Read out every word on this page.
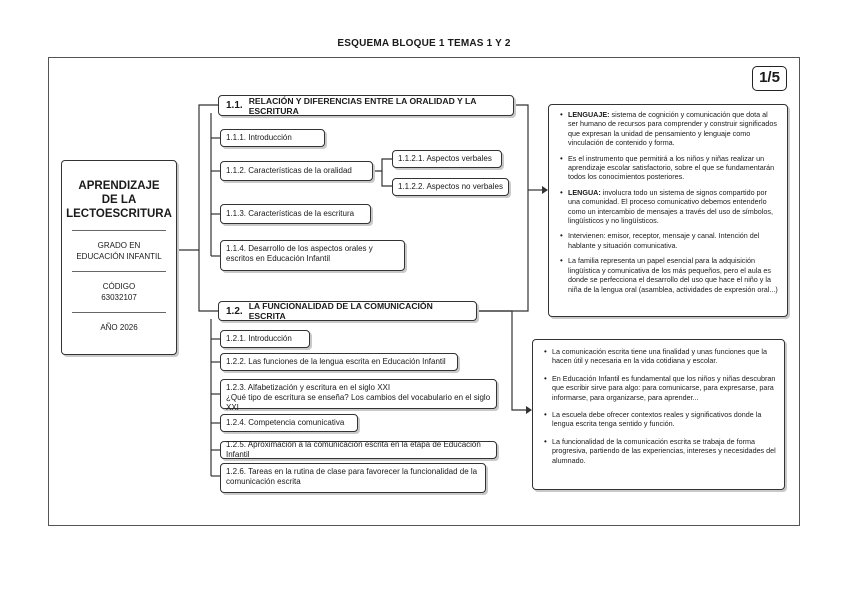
ESQUEMA BLOQUE 1 TEMAS 1 Y 2
1/5
APRENDIZAJE
DE LA
LECTOESCRITURA
GRADO EN
EDUCACIÓN INFANTIL
CÓDIGO
63032107
AÑO 2026
1.1. RELACIÓN Y DIFERENCIAS ENTRE LA ORALIDAD Y LA ESCRITURA
1.1.1. Introducción
1.1.2. Características de la oralidad
1.1.2.1. Aspectos verbales
1.1.2.2. Aspectos no verbales
1.1.3. Características de la escritura
1.1.4. Desarrollo de los aspectos orales y
escritos en Educación Infantil
• LENGUAJE: sistema de cognición y comunicación que dota al ser humano de recursos para comprender y construir significados que expresan la unidad de pensamiento y lenguaje como vinculación de contenido y forma.
• Es el instrumento que permitirá a los niños y niñas realizar un aprendizaje escolar satisfactorio, sobre el que se fundamentarán todos los conocimientos posteriores.
• LENGUA: involucra todo un sistema de signos compartido por una comunidad. El proceso comunicativo debemos entenderlo como un intercambio de mensajes a través del uso de símbolos, lingüísticos y no lingüísticos.
• Intervienen: emisor, receptor, mensaje y canal. Intención del hablante y situación comunicativa.
• La familia representa un papel esencial para la adquisición lingüística y comunicativa de los más pequeños, pero el aula es donde se perfecciona el desarrollo del uso que hace el niño y la niña de la lengua oral (asamblea, actividades de expresión oral...)
1.2. LA FUNCIONALIDAD DE LA COMUNICACIÓN ESCRITA
1.2.1. Introducción
1.2.2. Las funciones de la lengua escrita en Educación Infantil
1.2.3. Alfabetización y escritura en el siglo XXI
¿Qué tipo de escritura se enseña? Los cambios del vocabulario en el siglo XXI
1.2.4. Competencia comunicativa
1.2.5. Aproximación a la comunicación escrita en la etapa de Educación Infantil
1.2.6. Tareas en la rutina de clase para favorecer la funcionalidad de la
comunicación escrita
• La comunicación escrita tiene una finalidad y unas funciones que la hacen útil y necesaria en la vida cotidiana y escolar.
• En Educación Infantil es fundamental que los niños y niñas descubran que escribir sirve para algo: para comunicarse, para expresarse, para informarse, para organizarse, para aprender...
• La escuela debe ofrecer contextos reales y significativos donde la lengua escrita tenga sentido y función.
• La funcionalidad de la comunicación escrita se trabaja de forma progresiva, partiendo de las experiencias, intereses y necesidades del alumnado.
